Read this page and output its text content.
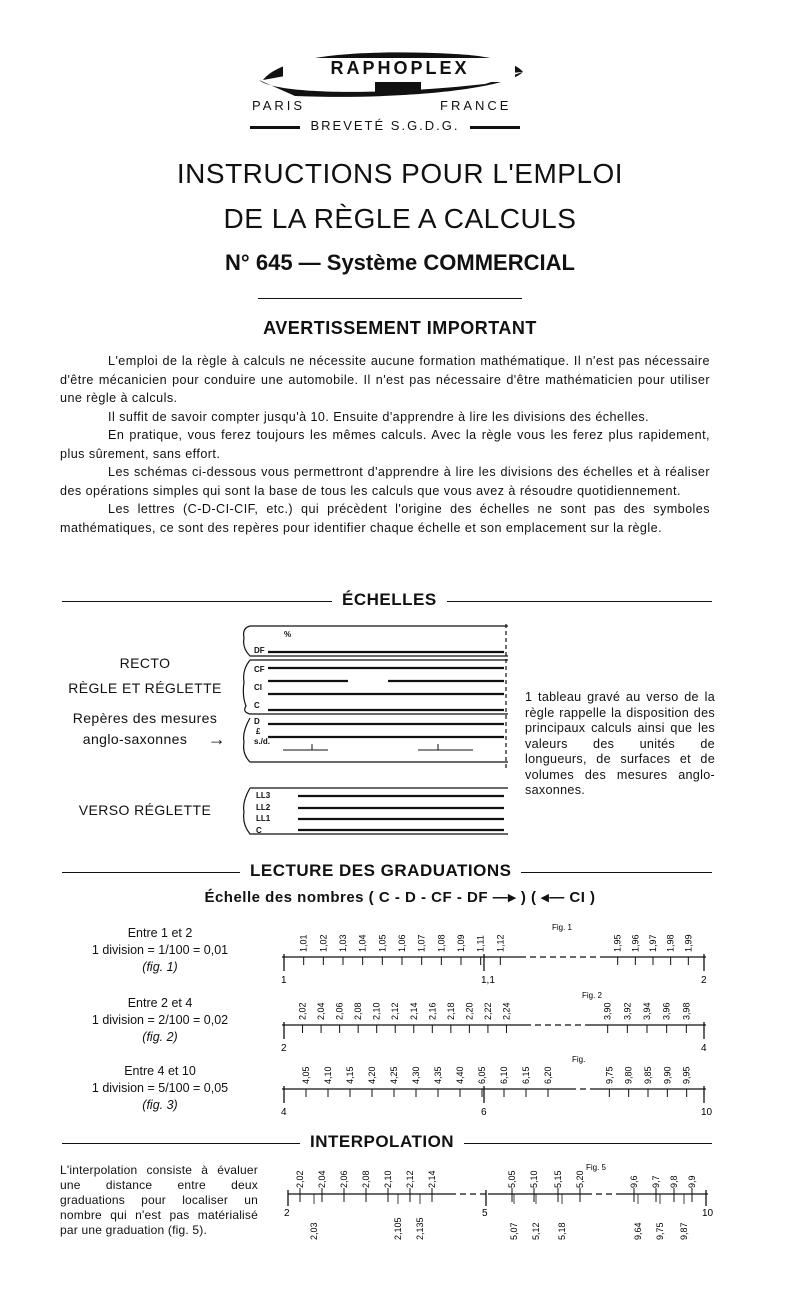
RAPHOPLEX
PARIS	FRANCE
BREVETÉ S.G.D.G.
INSTRUCTIONS POUR L'EMPLOI
DE LA RÈGLE A CALCULS
N° 645 — Système COMMERCIAL
AVERTISSEMENT IMPORTANT

L'emploi de la règle à calculs ne nécessite aucune formation mathématique. Il n'est pas nécessaire d'être mécanicien pour conduire une automobile. Il n'est pas nécessaire d'être mathématicien pour utiliser une règle à calculs.

Il suffit de savoir compter jusqu'à 10. Ensuite d'apprendre à lire les divisions des échelles.

En pratique, vous ferez toujours les mêmes calculs. Avec la règle vous les ferez plus rapidement, plus sûrement, sans effort.

Les schémas ci-dessous vous permettront d'apprendre à lire les divisions des échelles et à réaliser des opérations simples qui sont la base de tous les calculs que vous avez à résoudre quotidiennement.

Les lettres (C-D-CI-CIF, etc.) qui précèdent l'origine des échelles ne sont pas des symboles mathématiques, ce sont des repères pour identifier chaque échelle et son emplacement sur la règle.

ÉCHELLES
RECTO
RÈGLE ET RÉGLETTE
Repères des mesures
anglo-saxonnes	→
VERSO RÉGLETTE
%
DF
CF
CI
C
D
£
s./d.
LL3
LL2
LL1
C
1 tableau gravé au verso de la règle rappelle la disposition des principaux calculs ainsi que les valeurs des unités de longueurs, de surfaces et de volumes des mesures anglo-saxonnes.
LECTURE DES GRADUATIONS
Échelle des nombres ( C - D - CF - DF —▸ ) ( ◂— CI )
Entre 1 et 2
1 division = 1/100 = 0,01
(fig. 1)
Entre 2 et 4
1 division = 2/100 = 0,02
(fig. 2)
Entre 4 et 10
1 division = 5/100 = 0,05
(fig. 3)
1,01 1,02 1,03 1,04 1,05 1,06 1,07 1,08 1,09 1,11 1,12	1,95 1,96 1,97 1,98 1,99
1	1,1	2
Fig. 1
2,02 2,04 2,06 2,08 2,10 2,12 2,14 2,16 2,18 2,20 2,22 2,24	3,90 3,92 3,94 3,96 3,98
2	4
Fig. 2
4,05 4,10 4,15 4,20 4,25 4,30 4,35 4,40 6,05 6,10 6,15 6,20	9,75 9,80 9,85 9,90 9,95
4	6	10
Fig.
INTERPOLATION
L'interpolation consiste à évaluer une distance entre deux graduations pour localiser un nombre qui n'est pas matérialisé par une graduation (fig. 5).
2,02 2,04 2,06 2,08 2,10 2,12 2,14	5,05 5,10 5,15 5,20	9,6 9,7 9,8 9,9
2,03	2,105 2,135	5,07 5,12 5,18	9,64 9,75 9,87
2	5	10
Fig. 5
